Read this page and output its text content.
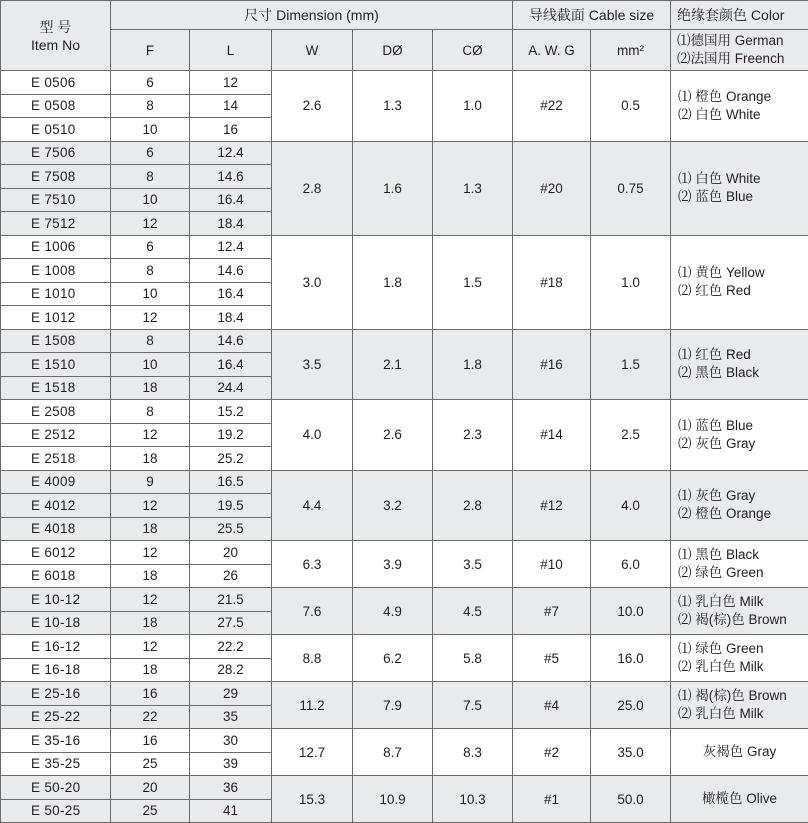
型 号
Item No	尺寸 Dimension (mm)					导线截面 Cable size		绝缘套颜色 Color
	F	L	W	DØ	CØ	A. W. G	mm²	⑴德国用 German
⑵法国用 Freench

E 0506	6	12	2.6	1.3	1.0	#22	0.5	⑴ 橙色 Orange
⑵ 白色 White

E 0508	8	14						
E 0510	10	16						
E 7506	6	12.4	2.8	1.6	1.3	#20	0.75	⑴ 白色 White
⑵ 蓝色 Blue

E 7508	8	14.6						
E 7510	10	16.4						
E 7512	12	18.4						
E 1006	6	12.4	3.0	1.8	1.5	#18	1.0	⑴ 黄色 Yellow
⑵ 红色 Red

E 1008	8	14.6						
E 1010	10	16.4						
E 1012	12	18.4						
E 1508	8	14.6	3.5	2.1	1.8	#16	1.5	⑴ 红色 Red
⑵ 黑色 Black

E 1510	10	16.4						
E 1518	18	24.4						
E 2508	8	15.2	4.0	2.6	2.3	#14	2.5	⑴ 蓝色 Blue
⑵ 灰色 Gray

E 2512	12	19.2						
E 2518	18	25.2						
E 4009	9	16.5	4.4	3.2	2.8	#12	4.0	⑴ 灰色 Gray
⑵ 橙色 Orange

E 4012	12	19.5						
E 4018	18	25.5						
E 6012	12	20	6.3	3.9	3.5	#10	6.0	⑴ 黑色 Black
⑵ 绿色 Green

E 6018	18	26						
E 10-12	12	21.5	7.6	4.9	4.5	#7	10.0	⑴ 乳白色 Milk
⑵ 褐(棕)色 Brown

E 10-18	18	27.5						
E 16-12	12	22.2	8.8	6.2	5.8	#5	16.0	⑴ 绿色 Green
⑵ 乳白色 Milk

E 16-18	18	28.2						
E 25-16	16	29	11.2	7.9	7.5	#4	25.0	⑴ 褐(棕)色 Brown
⑵ 乳白色 Milk

E 25-22	22	35						
E 35-16	16	30	12.7	8.7	8.3	#2	35.0	灰褐色 Gray

E 35-25	25	39						
E 50-20	20	36	15.3	10.9	10.3	#1	50.0	橄榄色 Olive

E 50-25	25	41						
